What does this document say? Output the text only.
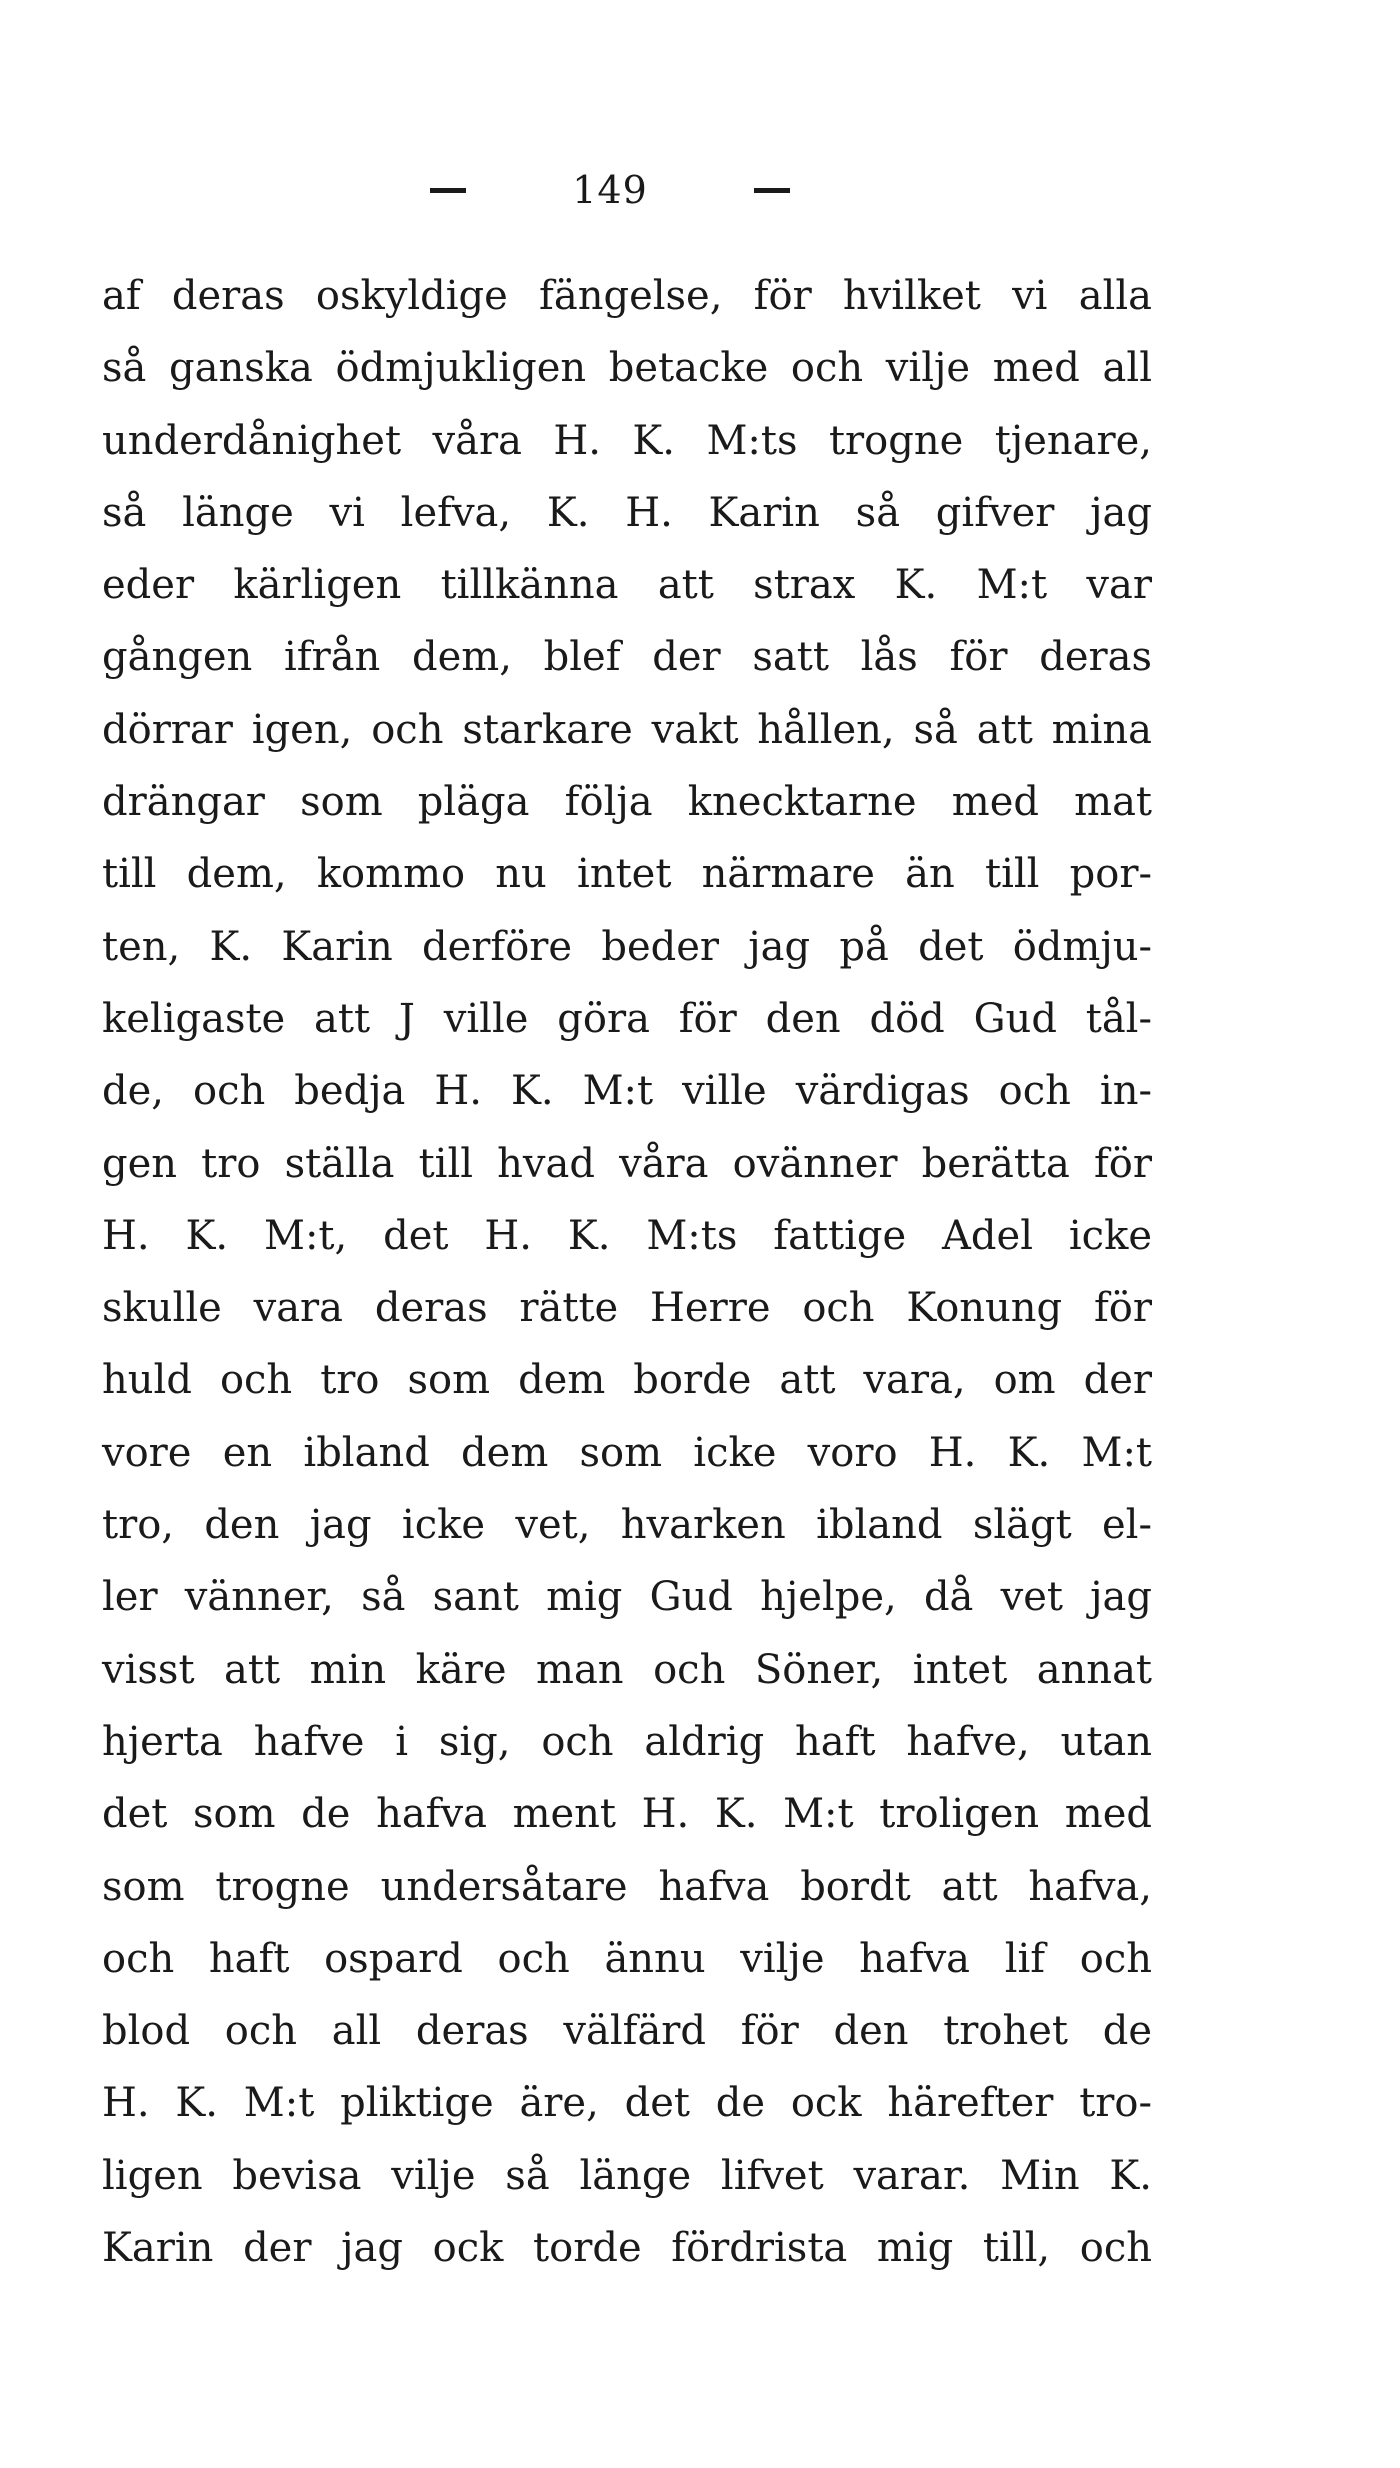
149
af deras oskyldige fängelse, för hvilket vi alla
så ganska ödmjukligen betacke och vilje med all
underdånighet våra H. K. M:ts trogne tjenare,
så länge vi lefva, K. H. Karin så gifver jag
eder kärligen tillkänna att strax K. M:t var
gången ifrån dem, blef der satt lås för deras
dörrar igen, och starkare vakt hållen, så att mina
drängar som pläga följa knecktarne med mat
till dem, kommo nu intet närmare än till por-
ten, K. Karin derföre beder jag på det ödmju-
keligaste att J ville göra för den död Gud tål-
de, och bedja H. K. M:t ville värdigas och in-
gen tro ställa till hvad våra ovänner berätta för
H. K. M:t, det H. K. M:ts fattige Adel icke
skulle vara deras rätte Herre och Konung för
huld och tro som dem borde att vara, om der
vore en ibland dem som icke voro H. K. M:t
tro, den jag icke vet, hvarken ibland slägt el-
ler vänner, så sant mig Gud hjelpe, då vet jag
visst att min käre man och Söner, intet annat
hjerta hafve i sig, och aldrig haft hafve, utan
det som de hafva ment H. K. M:t troligen med
som trogne undersåtare hafva bordt att hafva,
och haft ospard och ännu vilje hafva lif och
blod och all deras välfärd för den trohet de
H. K. M:t pliktige äre, det de ock härefter tro-
ligen bevisa vilje så länge lifvet varar. Min K.
Karin der jag ock torde fördrista mig till, och
